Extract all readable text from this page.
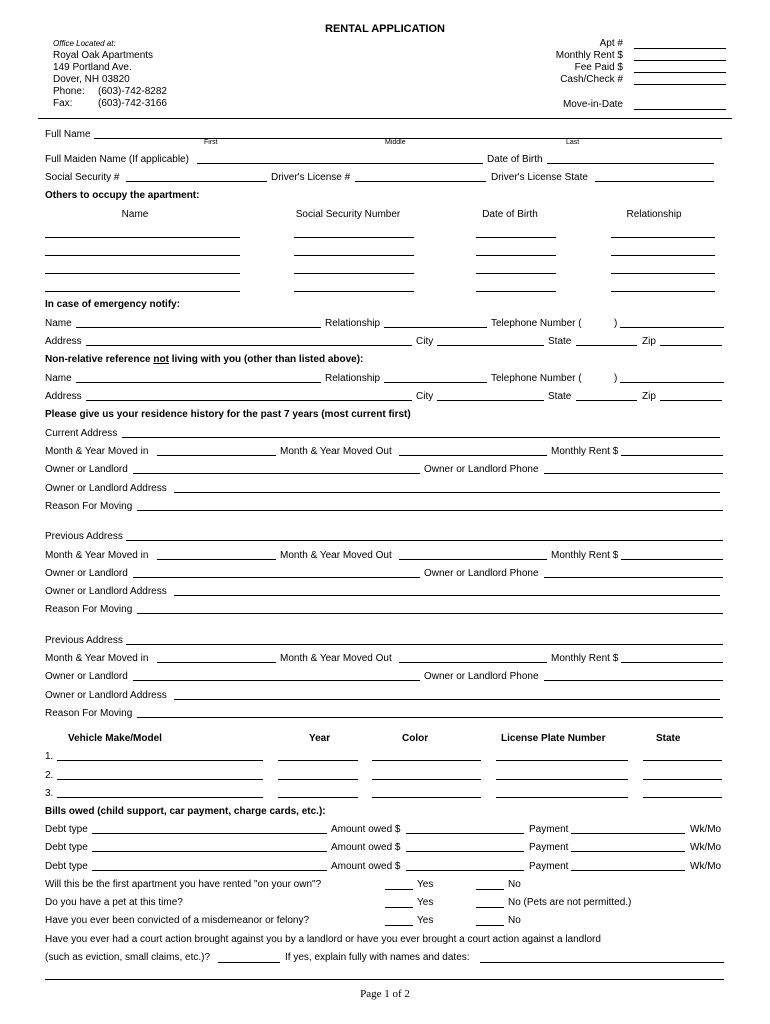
RENTAL APPLICATION
Office Located at:
Royal Oak Apartments
149 Portland Ave.
Dover, NH 03820
Phone: (603)-742-8282
Fax:	(603)-742-3166
Apt #
Monthly Rent $
Fee Paid $
Cash/Check #
Move-in-Date
Full Name
First	Middle	Last
Full Maiden Name (If applicable)	Date of Birth
Social Security #	Driver's License #	Driver's License State
Others to occupy the apartment:
Name	Social Security Number	Date of Birth	Relationship
In case of emergency notify:
Name	Relationship	Telephone Number (	)
Address	City	State	Zip
Non-relative reference not living with you (other than listed above):
Name	Relationship	Telephone Number (	)
Address	City	State	Zip
Please give us your residence history for the past 7 years (most current first)
Current Address
Month & Year Moved in	Month & Year Moved Out	Monthly Rent $
Owner or Landlord	Owner or Landlord Phone
Owner or Landlord Address
Reason For Moving
Previous Address
Month & Year Moved in	Month & Year Moved Out	Monthly Rent $
Owner or Landlord	Owner or Landlord Phone
Owner or Landlord Address
Reason For Moving
Previous Address
Month & Year Moved in	Month & Year Moved Out	Monthly Rent $
Owner or Landlord	Owner or Landlord Phone
Owner or Landlord Address
Reason For Moving
Vehicle Make/Model	Year	Color	License Plate Number	State
1.
2.
3.
Bills owed (child support, car payment, charge cards, etc.):
Debt type	Amount owed $	Payment	Wk/Mo
Debt type	Amount owed $	Payment	Wk/Mo
Debt type	Amount owed $	Payment	Wk/Mo
Will this be the first apartment you have rented "on your own"?	Yes	No
Do you have a pet at this time?	Yes	No (Pets are not permitted.)
Have you ever been convicted of a misdemeanor or felony?	Yes	No
Have you ever had a court action brought against you by a landlord or have you ever brought a court action against a landlord
(such as eviction, small claims, etc.)?	If yes, explain fully with names and dates:
Page 1 of 2
